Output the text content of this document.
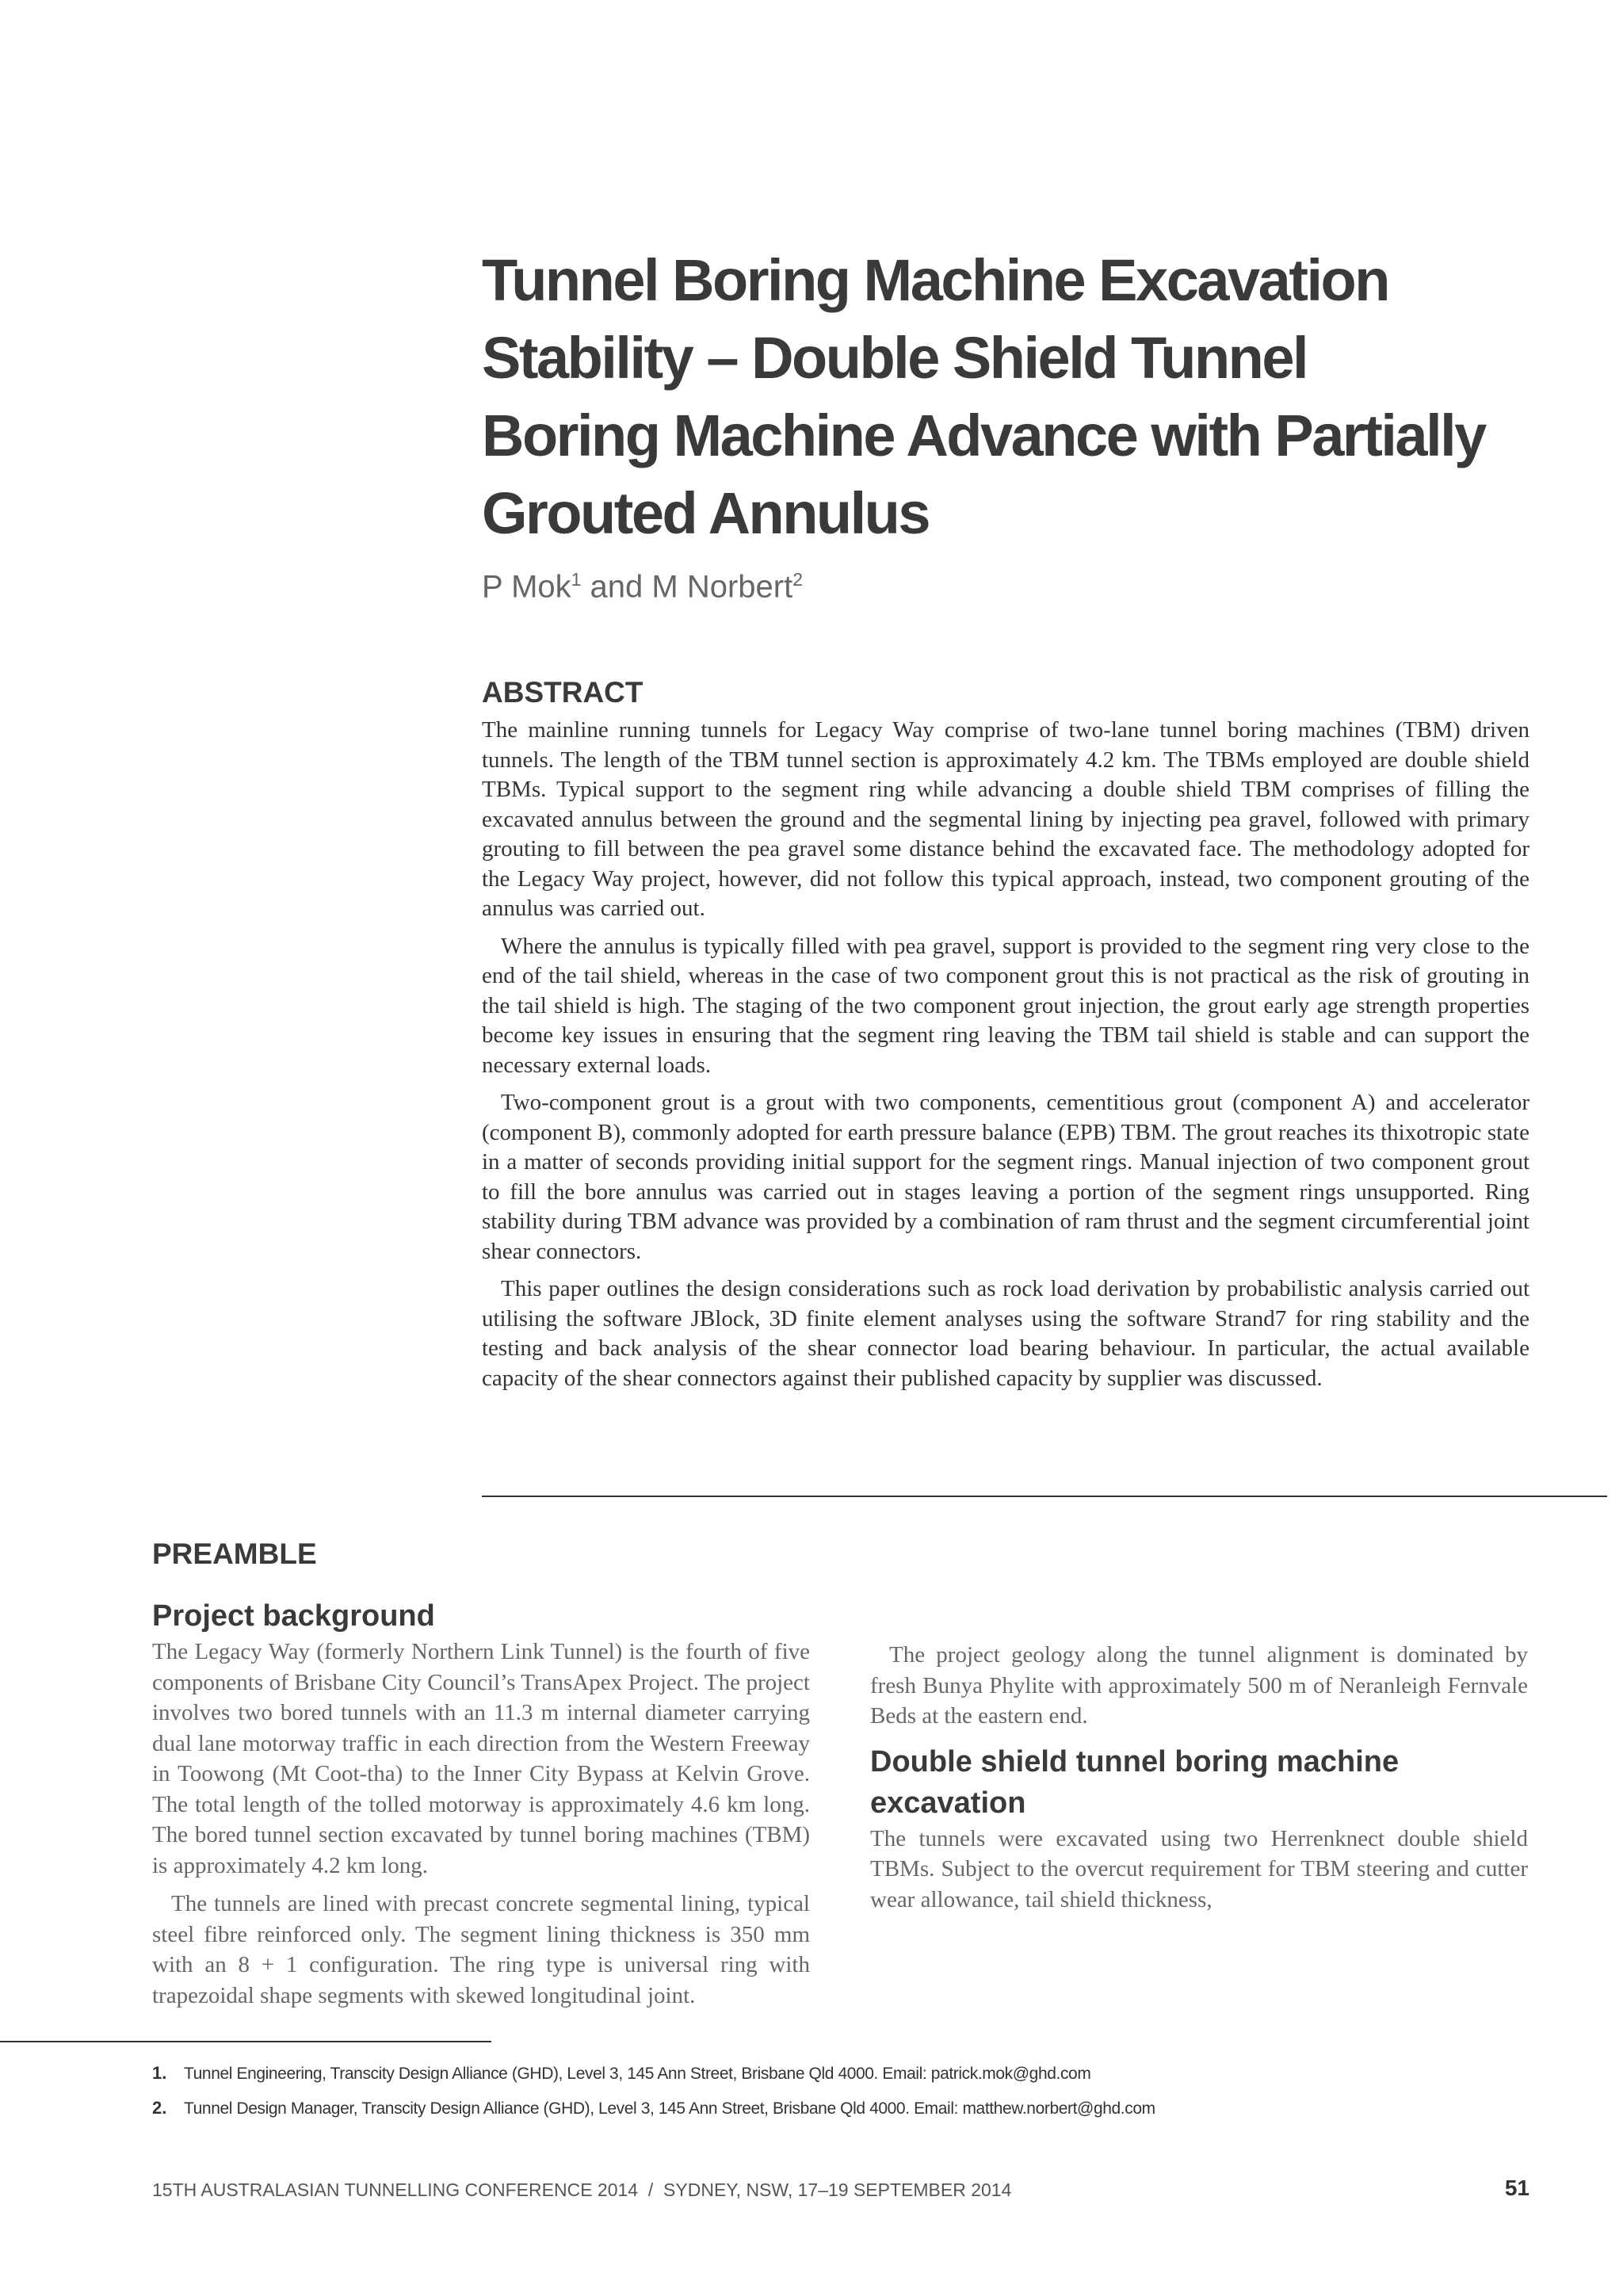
Tunnel Boring Machine Excavation
Stability – Double Shield Tunnel
Boring Machine Advance with Partially
Grouted Annulus
P Mok$^1$ and M Norbert$^2$
ABSTRACT

The mainline running tunnels for Legacy Way comprise of two-lane tunnel boring machines (TBM) driven tunnels. The length of the TBM tunnel section is approximately 4.2 km. The TBMs employed are double shield TBMs. Typical support to the segment ring while advancing a double shield TBM comprises of filling the excavated annulus between the ground and the segmental lining by injecting pea gravel, followed with primary grouting to fill between the pea gravel some distance behind the excavated face. The methodology adopted for the Legacy Way project, however, did not follow this typical approach, instead, two component grouting of the annulus was carried out.

Where the annulus is typically filled with pea gravel, support is provided to the segment ring very close to the end of the tail shield, whereas in the case of two component grout this is not practical as the risk of grouting in the tail shield is high. The staging of the two component grout injection, the grout early age strength properties become key issues in ensuring that the segment ring leaving the TBM tail shield is stable and can support the necessary external loads.

Two-component grout is a grout with two components, cementitious grout (component A) and accelerator (component B), commonly adopted for earth pressure balance (EPB) TBM. The grout reaches its thixotropic state in a matter of seconds providing initial support for the segment rings. Manual injection of two component grout to fill the bore annulus was carried out in stages leaving a portion of the segment rings unsupported. Ring stability during TBM advance was provided by a combination of ram thrust and the segment circumferential joint shear connectors.

This paper outlines the design considerations such as rock load derivation by probabilistic analysis carried out utilising the software JBlock, 3D finite element analyses using the software Strand7 for ring stability and the testing and back analysis of the shear connector load bearing behaviour. In particular, the actual available capacity of the shear connectors against their published capacity by supplier was discussed.

PREAMBLE
Project background

The Legacy Way (formerly Northern Link Tunnel) is the fourth of five components of Brisbane City Council’s TransApex Project. The project involves two bored tunnels with an 11.3 m internal diameter carrying dual lane motorway traffic in each direction from the Western Freeway in Toowong (Mt Coot-tha) to the Inner City Bypass at Kelvin Grove. The total length of the tolled motorway is approximately 4.6 km long. The bored tunnel section excavated by tunnel boring machines (TBM) is approximately 4.2 km long.

The tunnels are lined with precast concrete segmental lining, typical steel fibre reinforced only. The segment lining thickness is 350 mm with an 8 + 1 configuration. The ring type is universal ring with trapezoidal shape segments with skewed longitudinal joint.

The project geology along the tunnel alignment is dominated by fresh Bunya Phylite with approximately 500 m of Neranleigh Fernvale Beds at the eastern end.

Double shield tunnel boring machine excavation

The tunnels were excavated using two Herrenknect double shield TBMs. Subject to the overcut requirement for TBM steering and cutter wear allowance, tail shield thickness,

1. Tunnel Engineering, Transcity Design Alliance (GHD), Level 3, 145 Ann Street, Brisbane Qld 4000. Email: patrick.mok@ghd.com
2. Tunnel Design Manager, Transcity Design Alliance (GHD), Level 3, 145 Ann Street, Brisbane Qld 4000. Email: matthew.norbert@ghd.com
15TH AUSTRALASIAN TUNNELLING CONFERENCE 2014  /  SYDNEY, NSW, 17–19 SEPTEMBER 2014	51
